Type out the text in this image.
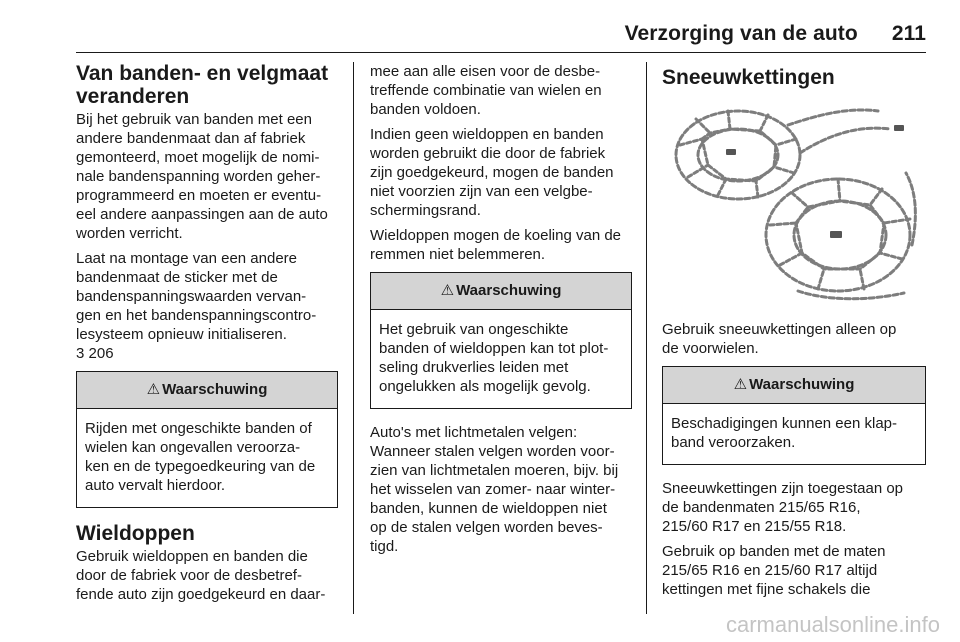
Verzorging van de auto 211
Van banden- en velgmaat
veranderen

Bij het gebruik van banden met een
andere bandenmaat dan af fabriek
gemonteerd, moet mogelijk de nomi-
nale bandenspanning worden geher-
programmeerd en moeten er eventu-
eel andere aanpassingen aan de auto
worden verricht.

Laat na montage van een andere
bandenmaat de sticker met de
bandenspanningswaarden vervan-
gen en het bandenspanningscontro-
lesysteem opnieuw initialiseren.

3 206
⚠ Waarschuwing
Rijden met ongeschikte banden of
wielen kan ongevallen veroorza-
ken en de typegoedkeuring van de
auto vervalt hierdoor.
Wieldoppen

Gebruik wieldoppen en banden die
door de fabriek voor de desbetref-
fende auto zijn goedgekeurd en daar-

mee aan alle eisen voor de desbe-
treffende combinatie van wielen en
banden voldoen.

Indien geen wieldoppen en banden
worden gebruikt die door de fabriek
zijn goedgekeurd, mogen de banden
niet voorzien zijn van een velgbe-
schermingsrand.

Wieldoppen mogen de koeling van de
remmen niet belemmeren.

⚠ Waarschuwing
Het gebruik van ongeschikte
banden of wieldoppen kan tot plot-
seling drukverlies leiden met
ongelukken als mogelijk gevolg.

Auto's met lichtmetalen velgen:
Wanneer stalen velgen worden voor-
zien van lichtmetalen moeren, bijv. bij
het wisselen van zomer- naar winter-
banden, kunnen de wieldoppen niet
op de stalen velgen worden beves-
tigd.

Sneeuwkettingen

Gebruik sneeuwkettingen alleen op
de voorwielen.

⚠ Waarschuwing
Beschadigingen kunnen een klap-
band veroorzaken.

Sneeuwkettingen zijn toegestaan op
de bandenmaten 215/65 R16,
215/60 R17 en 215/55 R18.

Gebruik op banden met de maten
215/65 R16 en 215/60 R17 altijd
kettingen met fijne schakels die

carmanualsonline.info
